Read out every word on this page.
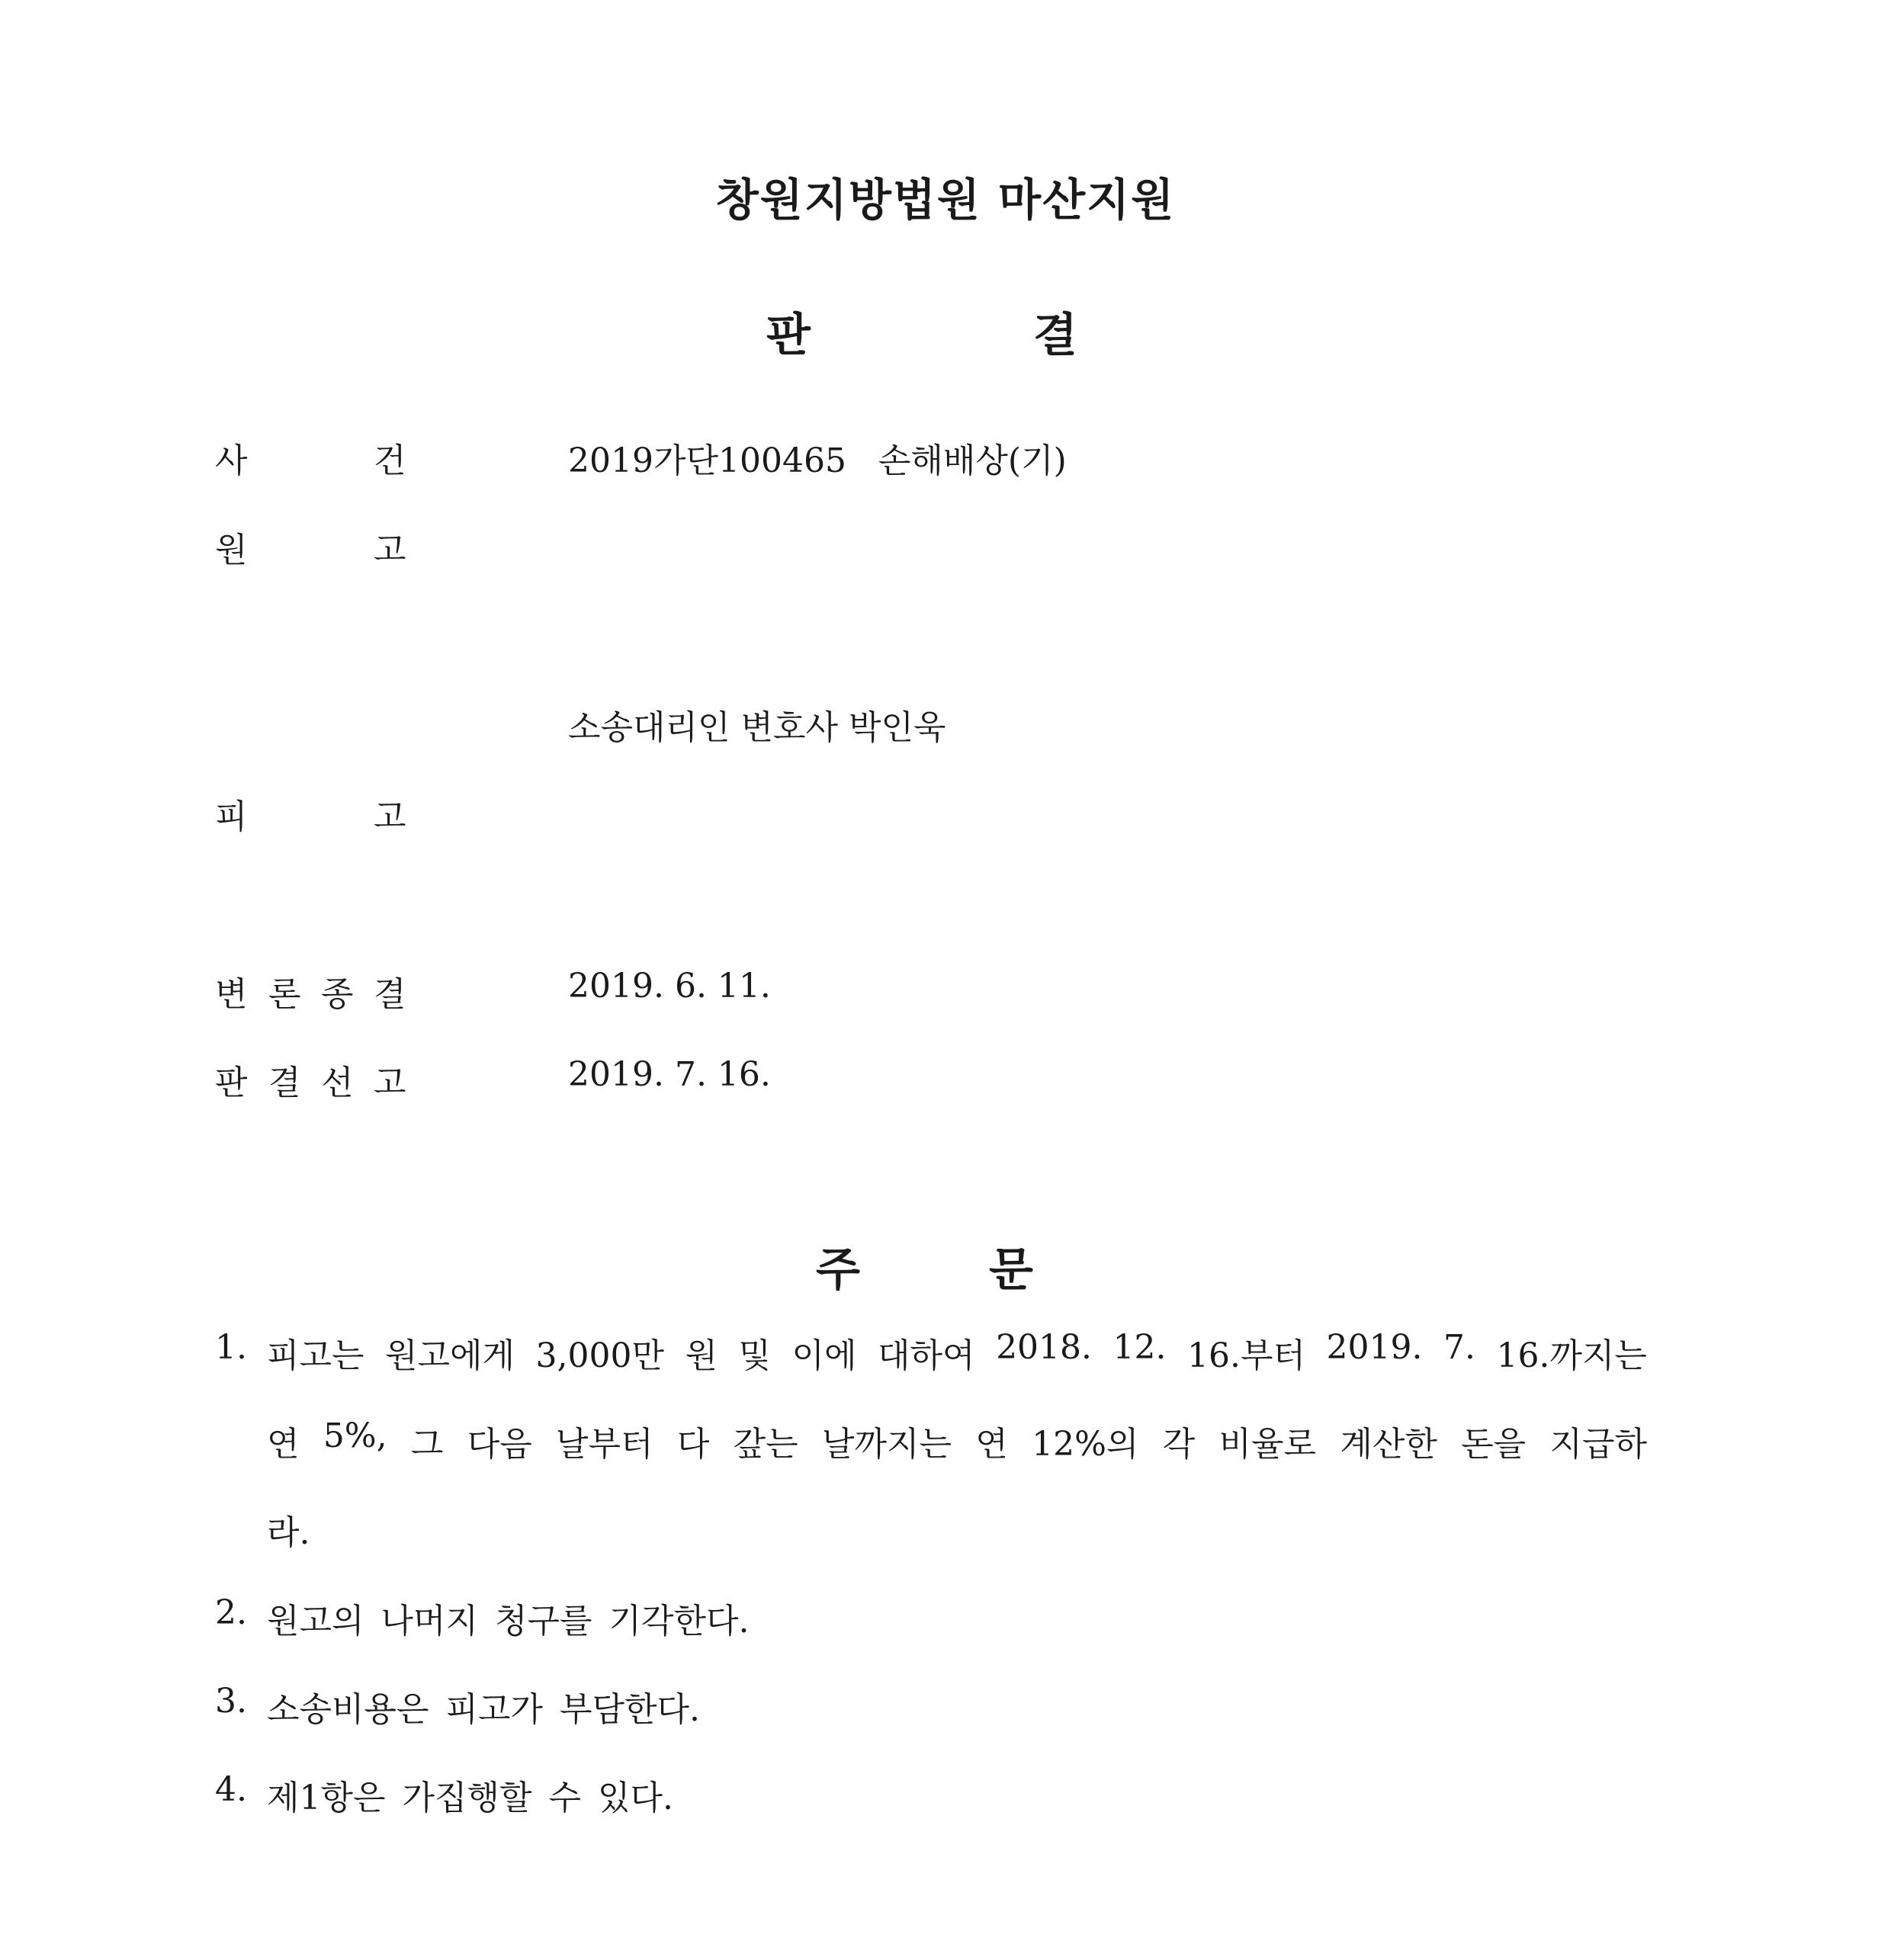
창원지방법원 마산지원
판	결
사	건	2019가단100465   손해배상(기)
원	고
소송대리인 변호사 박인욱
피	고
변 론 종 결	2019. 6. 11.
판 결 선 고	2019. 7. 16.
주	문
1. 피고는 원고에게 3,000만 원 및 이에 대하여 2018. 12. 16.부터 2019. 7. 16.까지는
연 5%, 그 다음 날부터 다 갚는 날까지는 연 12%의 각 비율로 계산한 돈을 지급하
라.
2. 원고의 나머지 청구를 기각한다.
3. 소송비용은 피고가 부담한다.
4. 제1항은 가집행할 수 있다.
